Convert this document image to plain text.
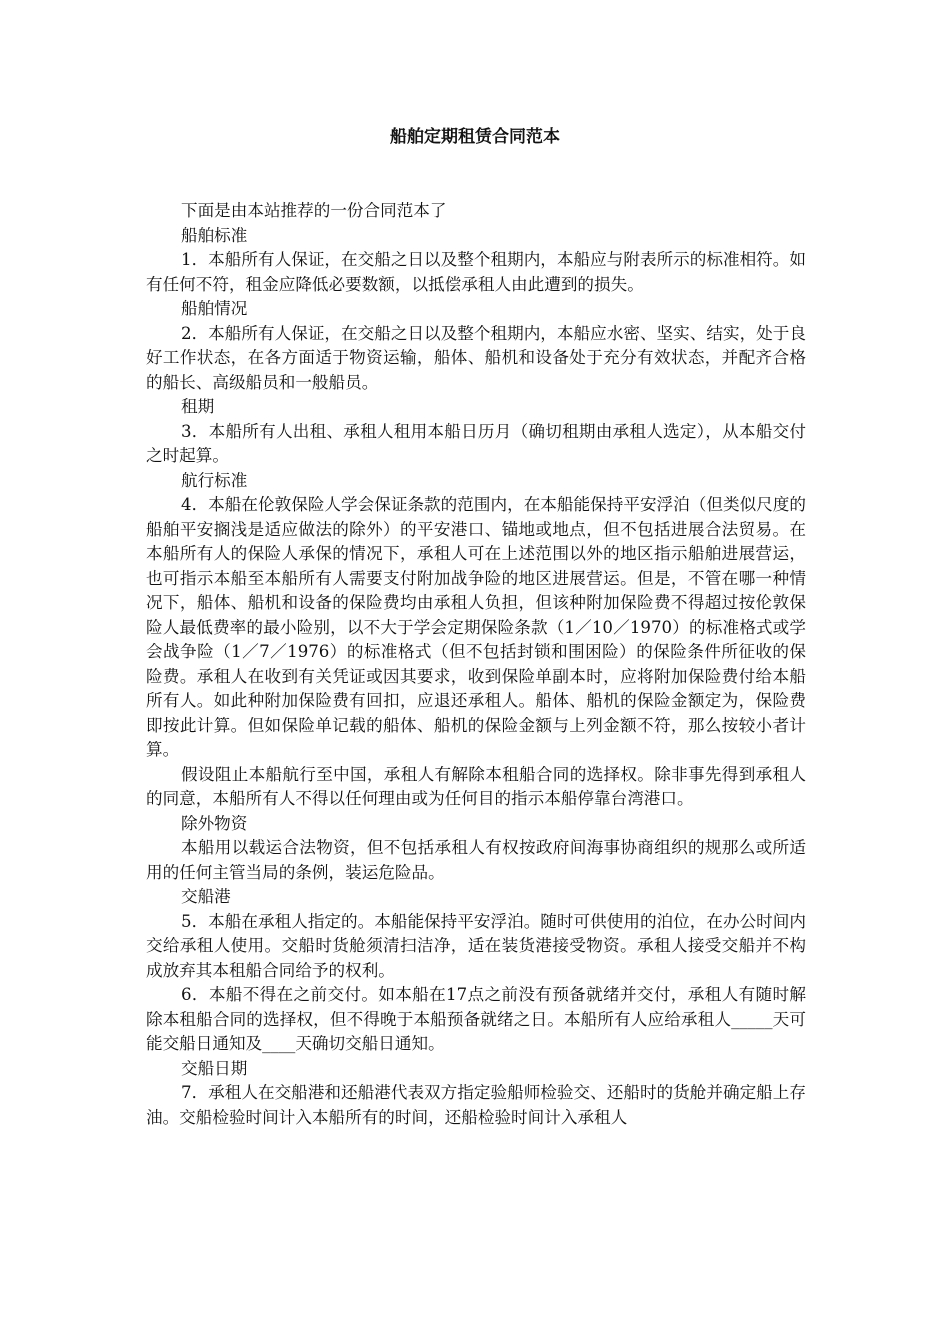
船舶定期租赁合同范本

下面是由本站推荐的一份合同范本了

船舶标准

1．本船所有人保证，在交船之日以及整个租期内，本船应与附表所示的标准相符。如有任何不符，租金应降低必要数额，以抵偿承租人由此遭到的损失。

船舶情况

2．本船所有人保证，在交船之日以及整个租期内，本船应水密、坚实、结实，处于良好工作状态，在各方面适于物资运输，船体、船机和设备处于充分有效状态，并配齐合格的船长、高级船员和一般船员。

租期

3．本船所有人出租、承租人租用本船日历月（确切租期由承租人选定），从本船交付之时起算。

航行标准

4．本船在伦敦保险人学会保证条款的范围内，在本船能保持平安浮泊（但类似尺度的船舶平安搁浅是适应做法的除外）的平安港口、锚地或地点，但不包括进展合法贸易。在本船所有人的保险人承保的情况下，承租人可在上述范围以外的地区指示船舶进展营运，也可指示本船至本船所有人需要支付附加战争险的地区进展营运。但是，不管在哪一种情况下，船体、船机和设备的保险费均由承租人负担，但该种附加保险费不得超过按伦敦保险人最低费率的最小险别，以不大于学会定期保险条款（1／10／1970）的标准格式或学会战争险（1／7／1976）的标准格式（但不包括封锁和围困险）的保险条件所征收的保险费。承租人在收到有关凭证或因其要求，收到保险单副本时，应将附加保险费付给本船所有人。如此种附加保险费有回扣，应退还承租人。船体、船机的保险金额定为，保险费即按此计算。但如保险单记载的船体、船机的保险金额与上列金额不符，那么按较小者计算。

假设阻止本船航行至中国，承租人有解除本租船合同的选择权。除非事先得到承租人的同意，本船所有人不得以任何理由或为任何目的指示本船停靠台湾港口。

除外物资

本船用以载运合法物资，但不包括承租人有权按政府间海事协商组织的规那么或所适用的任何主管当局的条例，装运危险品。

交船港

5．本船在承租人指定的。本船能保持平安浮泊。随时可供使用的泊位，在办公时间内交给承租人使用。交船时货舱须清扫洁净，适在装货港接受物资。承租人接受交船并不构成放弃其本租船合同给予的权利。

6．本船不得在之前交付。如本船在17点之前没有预备就绪并交付，承租人有随时解除本租船合同的选择权，但不得晚于本船预备就绪之日。本船所有人应给承租人_____天可能交船日通知及____天确切交船日通知。

交船日期

7．承租人在交船港和还船港代表双方指定验船师检验交、还船时的货舱并确定船上存油。交船检验时间计入本船所有的时间，还船检验时间计入承租人
